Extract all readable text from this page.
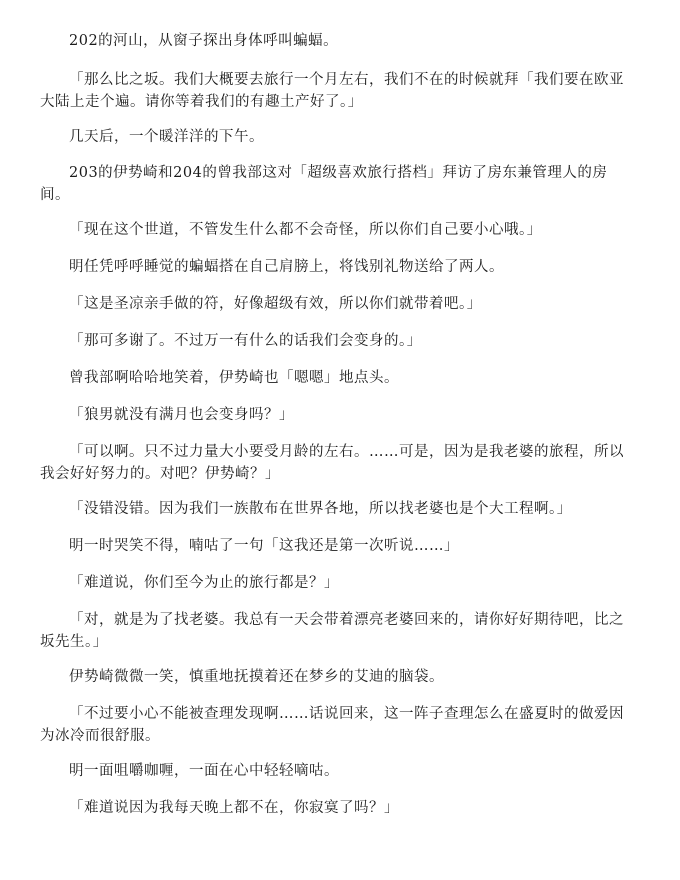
202的河山，从窗子探出身体呼叫蝙蝠。

「那么比之坂。我们大概要去旅行一个月左右，我们不在的时候就拜「我们要在欧亚大陆上走个遍。请你等着我们的有趣土产好了。」

几天后，一个暖洋洋的下午。

203的伊势崎和204的曾我部这对「超级喜欢旅行搭档」拜访了房东兼管理人的房间。

「现在这个世道，不管发生什么都不会奇怪，所以你们自己要小心哦。」

明任凭呼呼睡觉的蝙蝠搭在自己肩膀上，将饯别礼物送给了两人。

「这是圣凉亲手做的符，好像超级有效，所以你们就带着吧。」

「那可多谢了。不过万一有什么的话我们会变身的。」

曾我部啊哈哈地笑着，伊势崎也「嗯嗯」地点头。

「狼男就没有满月也会变身吗？」

「可以啊。只不过力量大小要受月龄的左右。……可是，因为是我老婆的旅程，所以我会好好努力的。对吧？伊势崎？」

「没错没错。因为我们一族散布在世界各地，所以找老婆也是个大工程啊。」

明一时哭笑不得，喃咕了一句「这我还是第一次听说……」

「难道说，你们至今为止的旅行都是？」

「对，就是为了找老婆。我总有一天会带着漂亮老婆回来的，请你好好期待吧，比之坂先生。」

伊势崎微微一笑，慎重地抚摸着还在梦乡的艾迪的脑袋。

「不过要小心不能被查理发现啊……话说回来，这一阵子查理怎么在盛夏时的做爱因为冰冷而很舒服。

明一面咀嚼咖喱，一面在心中轻轻嘀咕。

「难道说因为我每天晚上都不在，你寂寞了吗？」
